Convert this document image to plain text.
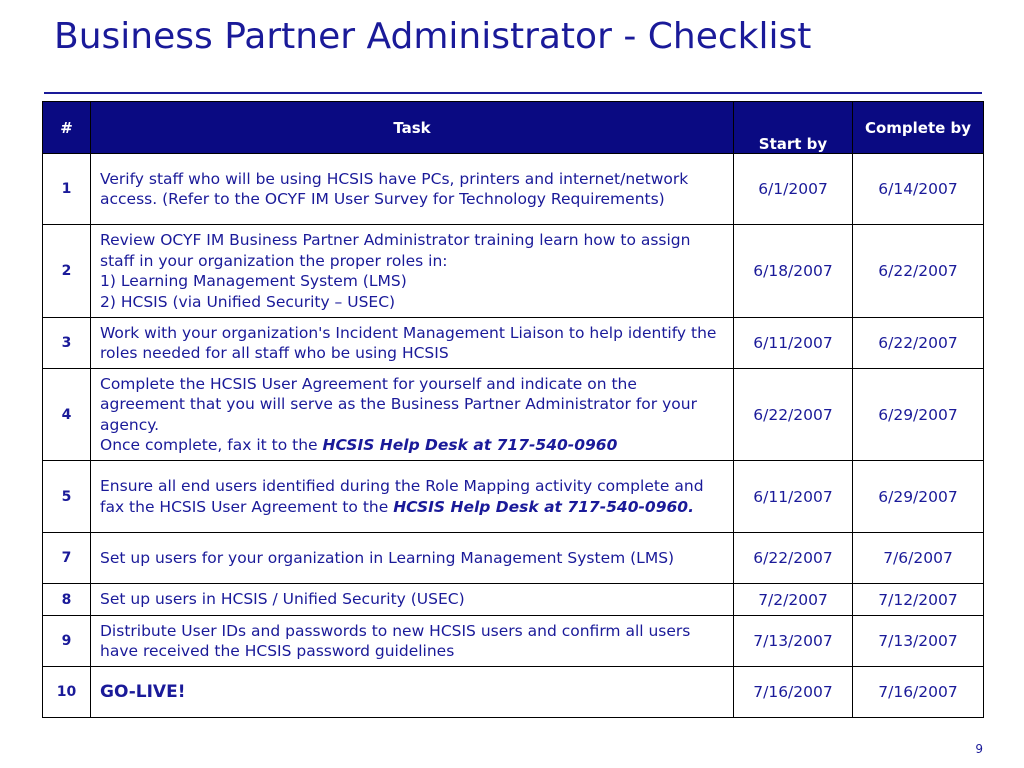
Business Partner Administrator - Checklist
#	Task	Start by	Complete by
1	Verify staff who will be using HCSIS have PCs, printers and internet/network access. (Refer to the OCYF IM User Survey for Technology Requirements)	6/1/2007	6/14/2007
2	Review OCYF IM Business Partner Administrator training learn how to assign staff in your organization the proper roles in:
1) Learning Management System (LMS)
2) HCSIS (via Unified Security – USEC)	6/18/2007	6/22/2007
3	Work with your organization's Incident Management Liaison to help identify the roles needed for all staff who be using HCSIS	6/11/2007	6/22/2007
4	Complete the HCSIS User Agreement for yourself and indicate on the agreement that you will serve as the Business Partner Administrator for your agency.
Once complete, fax it to the HCSIS Help Desk at 717-540-0960	6/22/2007	6/29/2007
5	Ensure all end users identified during the Role Mapping activity complete and fax the HCSIS User Agreement to the HCSIS Help Desk at 717-540-0960.	6/11/2007	6/29/2007
7	Set up users for your organization in Learning Management System (LMS)	6/22/2007	7/6/2007
8	Set up users in HCSIS / Unified Security (USEC)	7/2/2007	7/12/2007
9	Distribute User IDs and passwords to new HCSIS users and confirm all users have received the HCSIS password guidelines	7/13/2007	7/13/2007
10	GO-LIVE!	7/16/2007	7/16/2007
9
